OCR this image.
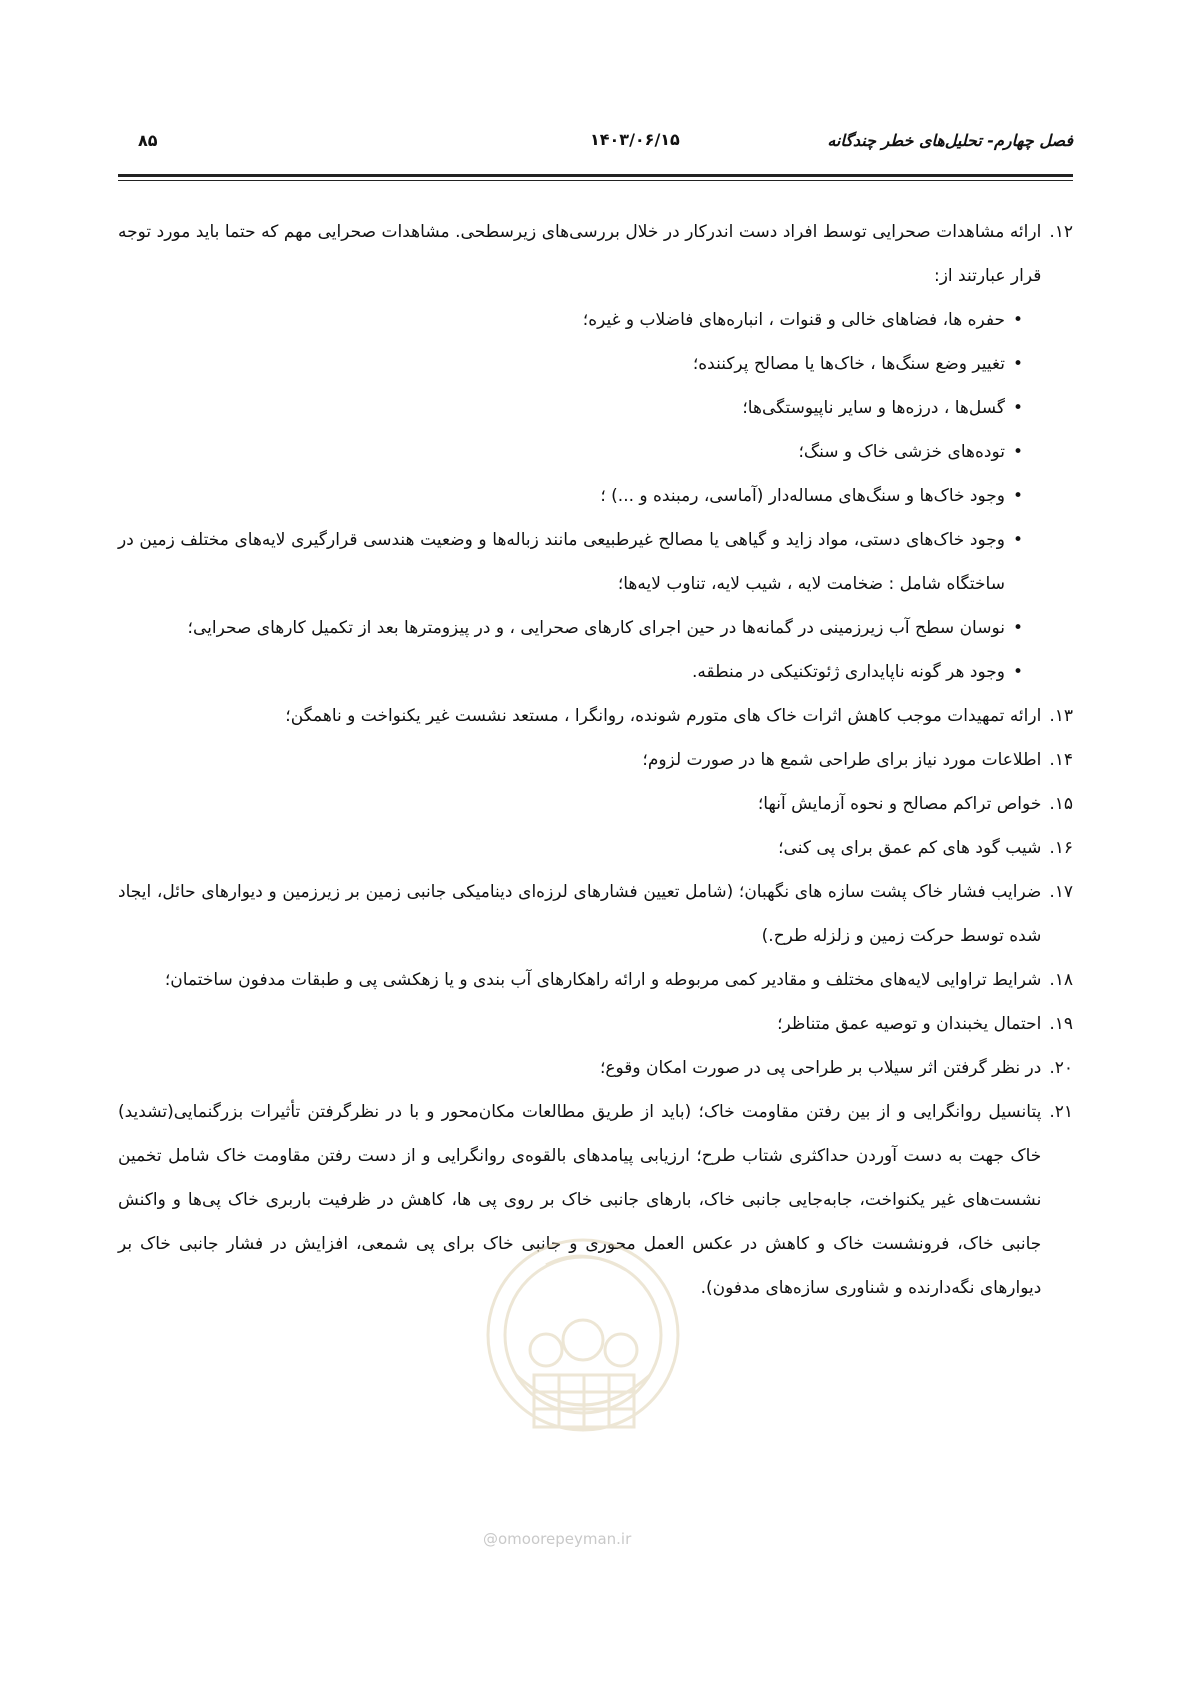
فصل چهارم- تحلیل‌های خطر چندگانه
۱۴۰۳/۰۶/۱۵
۸۵
۱۲.
ارائه مشاهدات صحرایی توسط افراد دست اندرکار در خلال بررسی‌های زیرسطحی. مشاهدات صحرایی مهم که حتما باید مورد توجه قرار عبارتند از:
•
حفره ها، فضاهای خالی و قنوات ، انباره‌های فاضلاب و غیره؛
•
تغییر وضع سنگ‌ها ، خاک‌ها یا مصالح پرکننده؛
•
گسل‌ها ، درزه‌ها و سایر ناپیوستگی‌ها؛
•
توده‌های خزشی خاک و سنگ؛
•
وجود خاک‌ها و سنگ‌های مساله‌دار (آماسی، رمبنده و ...) ؛
•
وجود خاک‌های دستی، مواد زاید و گیاهی یا مصالح غیرطبیعی مانند زباله‌ها و وضعیت هندسی قرارگیری لایه‌های مختلف زمین در ساختگاه شامل : ضخامت لایه ، شیب لایه، تناوب لایه‌ها؛
•
نوسان سطح آب زیرزمینی در گمانه‌ها در حین اجرای کارهای صحرایی ، و در پیزومترها بعد از تکمیل کارهای صحرایی؛
•
وجود هر گونه ناپایداری ژئوتکنیکی در منطقه.
۱۳.
ارائه تمهیدات موجب کاهش اثرات خاک های متورم شونده، روانگرا ، مستعد نشست غیر یکنواخت و ناهمگن؛
۱۴.
اطلاعات مورد نیاز برای طراحی شمع ها در صورت لزوم؛
۱۵.
خواص تراکم مصالح و نحوه آزمایش آنها؛
۱۶.
شیب گود های کم عمق برای پی کنی؛
۱۷.
ضرایب فشار خاک پشت سازه های نگهبان؛ (شامل تعیین فشارهای لرزه‌ای دینامیکی جانبی زمین بر زیرزمین و دیوارهای حائل، ایجاد شده توسط حرکت زمین و زلزله طرح.)
۱۸.
شرایط تراوایی لایه‌های مختلف و مقادیر کمی مربوطه و ارائه راهکارهای آب بندی و یا زهکشی پی و طبقات مدفون ساختمان؛
۱۹.
احتمال یخبندان و توصیه عمق متناظر؛
۲۰.
در نظر گرفتن اثر سیلاب بر طراحی پی در صورت امکان وقوع؛
۲۱.
پتانسیل روانگرایی و از بین رفتن مقاومت خاک؛ (باید از طریق مطالعات مکان‌محور و با در نظرگرفتن تأثیرات بزرگنمایی(تشدید) خاک جهت به دست آوردن حداکثری شتاب طرح؛ ارزیابی پیامدهای بالقوه‌ی روانگرایی و از دست رفتن مقاومت خاک شامل تخمین نشست‌های غیر یکنواخت، جابه‌جایی جانبی خاک، بارهای جانبی خاک بر روی پی ها، کاهش در ظرفیت باربری خاک پی‌ها و واکنش جانبی خاک، فرونشست خاک و کاهش در عکس العمل محوری و جانبی خاک برای پی شمعی، افزایش در فشار جانبی خاک بر دیوارهای نگه‌دارنده و شناوری سازه‌های مدفون).
@omoorepeyman.ir
